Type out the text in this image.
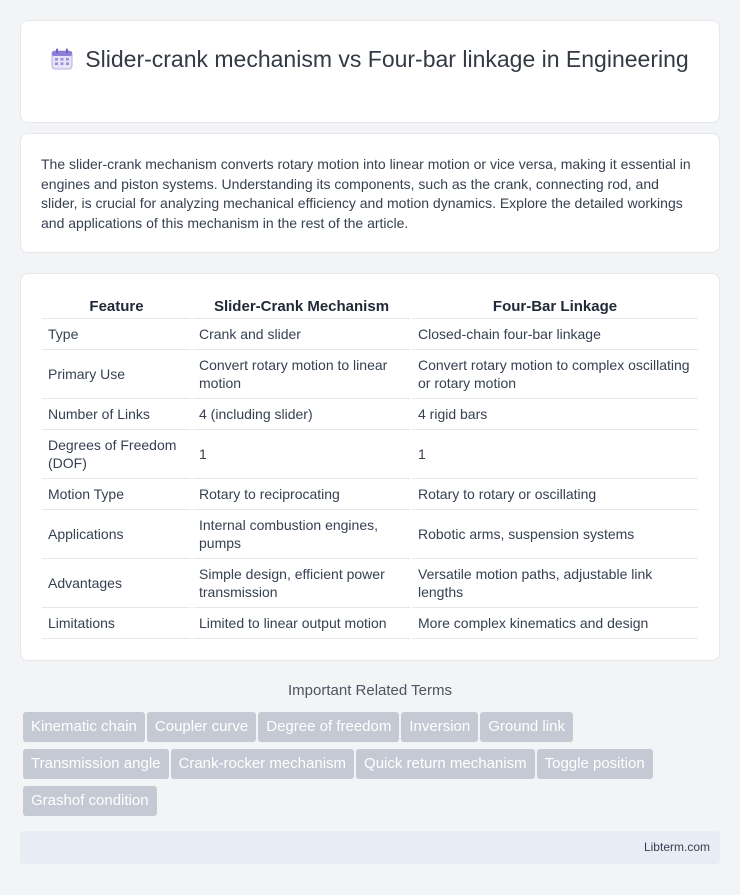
Slider-crank mechanism vs Four-bar linkage in Engineering

The slider-crank mechanism converts rotary motion into linear motion or vice versa, making it essential in engines and piston systems. Understanding its components, such as the crank, connecting rod, and slider, is crucial for analyzing mechanical efficiency and motion dynamics. Explore the detailed workings and applications of this mechanism in the rest of the article.

Feature	Slider-Crank Mechanism	Four-Bar Linkage
Type	Crank and slider	Closed-chain four-bar linkage
Primary Use	Convert rotary motion to linear motion	Convert rotary motion to complex oscillating or rotary motion
Number of Links	4 (including slider)	4 rigid bars
Degrees of Freedom (DOF)	1	1
Motion Type	Rotary to reciprocating	Rotary to rotary or oscillating
Applications	Internal combustion engines, pumps	Robotic arms, suspension systems
Advantages	Simple design, efficient power transmission	Versatile motion paths, adjustable link lengths
Limitations	Limited to linear output motion	More complex kinematics and design
Important Related Terms
Kinematic chain Coupler curve Degree of freedom Inversion Ground link
Transmission angle Crank-rocker mechanism Quick return mechanism Toggle position
Grashof condition
Libterm.com
